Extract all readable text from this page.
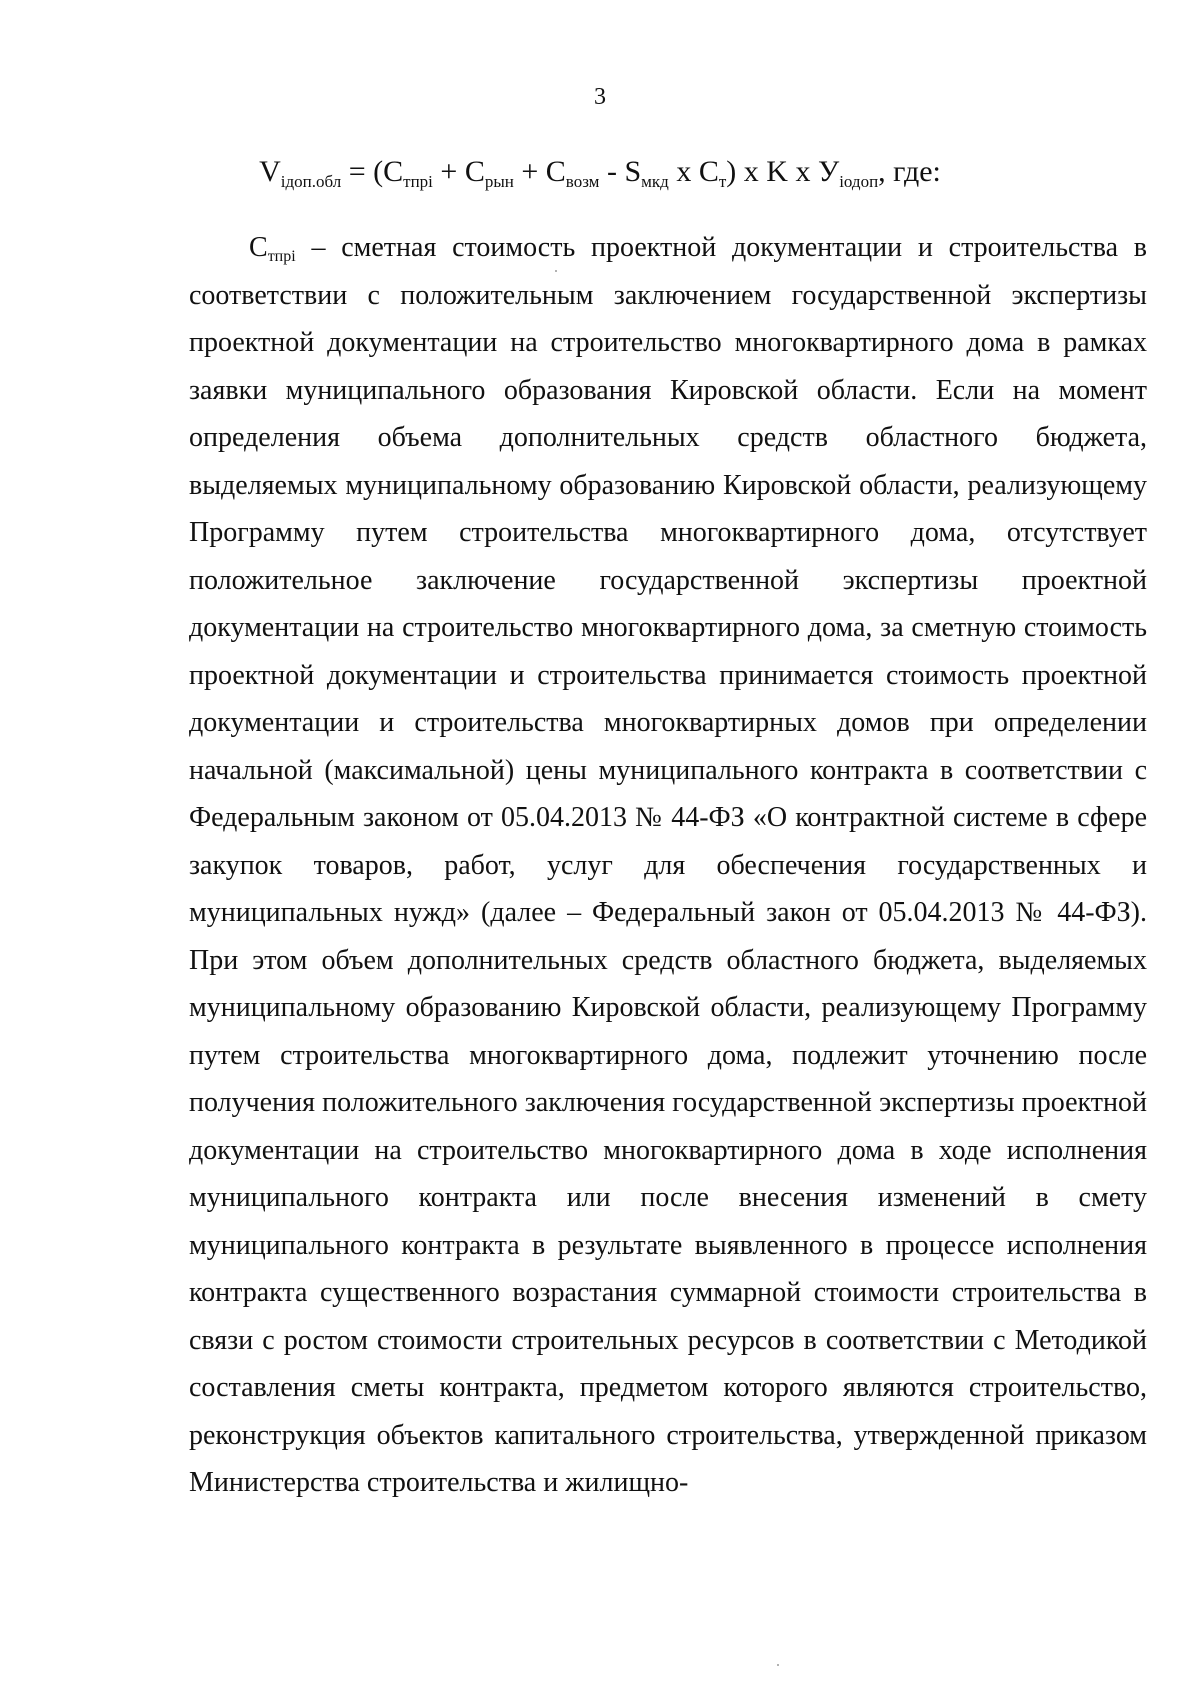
3
$V_{iдоп.обл} = (C_{тпрi} + C_{рын} + C_{возм} - S_{мкд}$ x $C_т$) x K x $У_{iодоп}$, где:

$C_{тпрi}$ – сметная стоимость проектной документации и строительства в соответствии с положительным заключением государственной экспертизы проектной документации на строительство многоквартирного дома в рамках заявки муниципального образования Кировской области. Если на момент определения объема дополнительных средств областного бюджета, выделяемых муниципальному образованию Кировской области, реализующему Программу путем строительства многоквартирного дома, отсутствует положительное заключение государственной экспертизы проектной документации на строительство многоквартирного дома, за сметную стоимость проектной документации и строительства принимается стоимость проектной документации и строительства многоквартирных домов при определении начальной (максимальной) цены муниципального контракта в соответствии с Федеральным законом от 05.04.2013 № 44-ФЗ «О контрактной системе в сфере закупок товаров, работ, услуг для обеспечения государственных и муниципальных нужд» (далее – Федеральный закон от 05.04.2013 № 44-ФЗ). При этом объем дополнительных средств областного бюджета, выделяемых муниципальному образованию Кировской области, реализующему Программу путем строительства многоквартирного дома, подлежит уточнению после получения положительного заключения государственной экспертизы проектной документации на строительство многоквартирного дома в ходе исполнения муниципального контракта или после внесения изменений в смету муниципального контракта в результате выявленного в процессе исполнения контракта существенного возрастания суммарной стоимости строительства в связи с ростом стоимости строительных ресурсов в соответствии с Методикой составления сметы контракта, предметом которого являются строительство, реконструкция объектов капитального строительства, утвержденной приказом Министерства строительства и жилищно-
